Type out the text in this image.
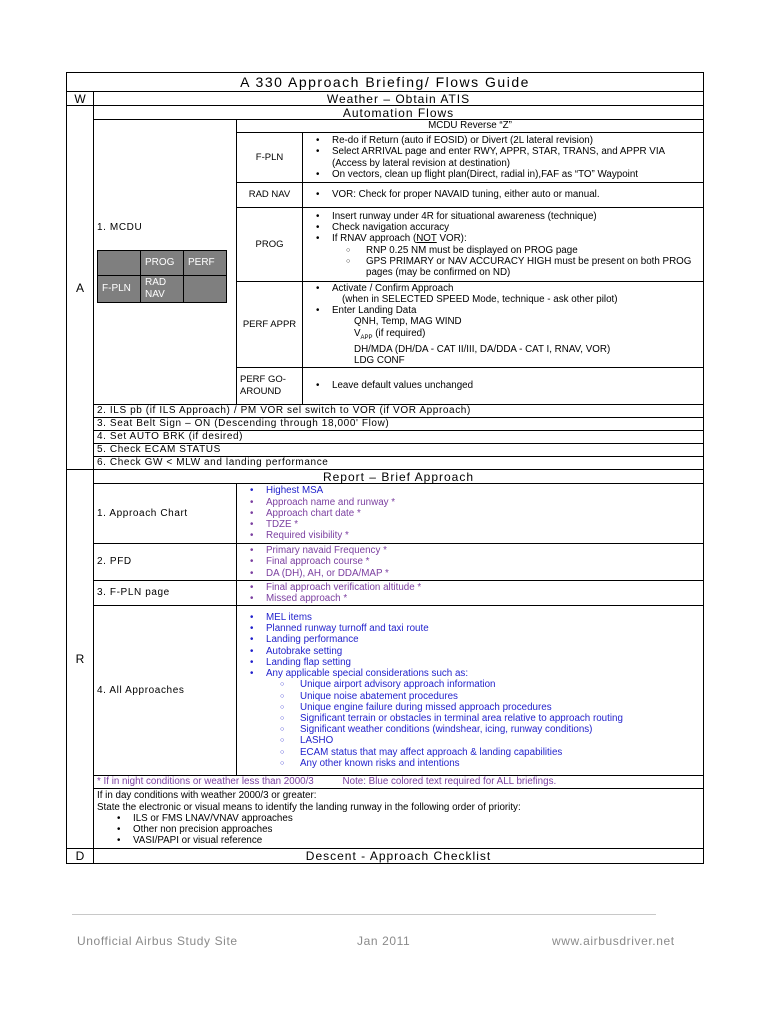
A 330 Approach Briefing/ Flows Guide
W	Weather – Obtain ATIS
A	Automation Flows

1. MCDU
	PROG	PERF
F-PLN	RAD NAV	
	MCDU Reverse “Z”
F-PLN	
• Re-do if Return (auto if EOSID) or Divert (2L lateral revision)
• Select ARRIVAL page and enter RWY, APPR, STAR, TRANS, and APPR VIA (Access by lateral revision at destination)
• On vectors, clean up flight plan(Direct, radial in),FAF as “TO” Waypoint

RAD NAV	
•VOR: Check for proper NAVAID tuning, either auto or manual.

PROG	
• Insert runway under 4R for situational awareness (technique)
• Check navigation accuracy
• If RNAV approach (NOT VOR):
○ RNP 0.25 NM must be displayed on PROG page
○ GPS PRIMARY or NAV ACCURACY HIGH must be present on both PROG pages (may be confirmed on ND)

PERF APPR	
• Activate / Confirm Approach
(when in SELECTED SPEED Mode, technique - ask other pilot)
• Enter Landing Data
QNH, Temp, MAG WIND
$V_{APP}$ (if required)
DH/MDA (DH/DA - CAT II/III, DA/DDA - CAT I, RNAV, VOR)
LDG CONF

PERF GO-AROUND	
• Leave default values unchanged

2. ILS pb (if ILS Approach) / PM VOR sel switch to VOR (if VOR Approach)
3. Seat Belt Sign – ON (Descending through 18,000' Flow)
4. Set AUTO BRK (if desired)
5. Check ECAM STATUS
6. Check GW < MLW and landing performance
R	Report – Brief Approach
1. Approach Chart	
• Highest MSA
• Approach name and runway *
• Approach chart date *
• TDZE *
• Required visibility *

2. PFD	
• Primary navaid Frequency *
• Final approach course *
• DA (DH), AH, or DDA/MAP *

3. F-PLN page	
•Final approach verification altitude *
• Missed approach *

4. All Approaches	
• MEL items
• Planned runway turnoff and taxi route
• Landing performance
• Autobrake setting
• Landing flap setting
• Any applicable special considerations such as:
○ Unique airport advisory approach information
○ Unique noise abatement procedures
○ Unique engine failure during missed approach procedures
○ Significant terrain or obstacles in terminal area relative to approach routing
○ Significant weather conditions (windshear, icing, runway conditions)
○ LASHO
○ ECAM status that may affect approach & landing capabilities
○ Any other known risks and intentions

* If in night conditions or weather less than 2000/3	Note: Blue colored text required for ALL briefings.

If in day conditions with weather 2000/3 or greater:
State the electronic or visual means to identify the landing runway in the following order of priority:
• ILS or FMS LNAV/VNAV approaches
• Other non precision approaches
• VASI/PAPI or visual reference

D	Descent - Approach Checklist
Unofficial Airbus Study Site	Jan 2011	www.airbusdriver.net
